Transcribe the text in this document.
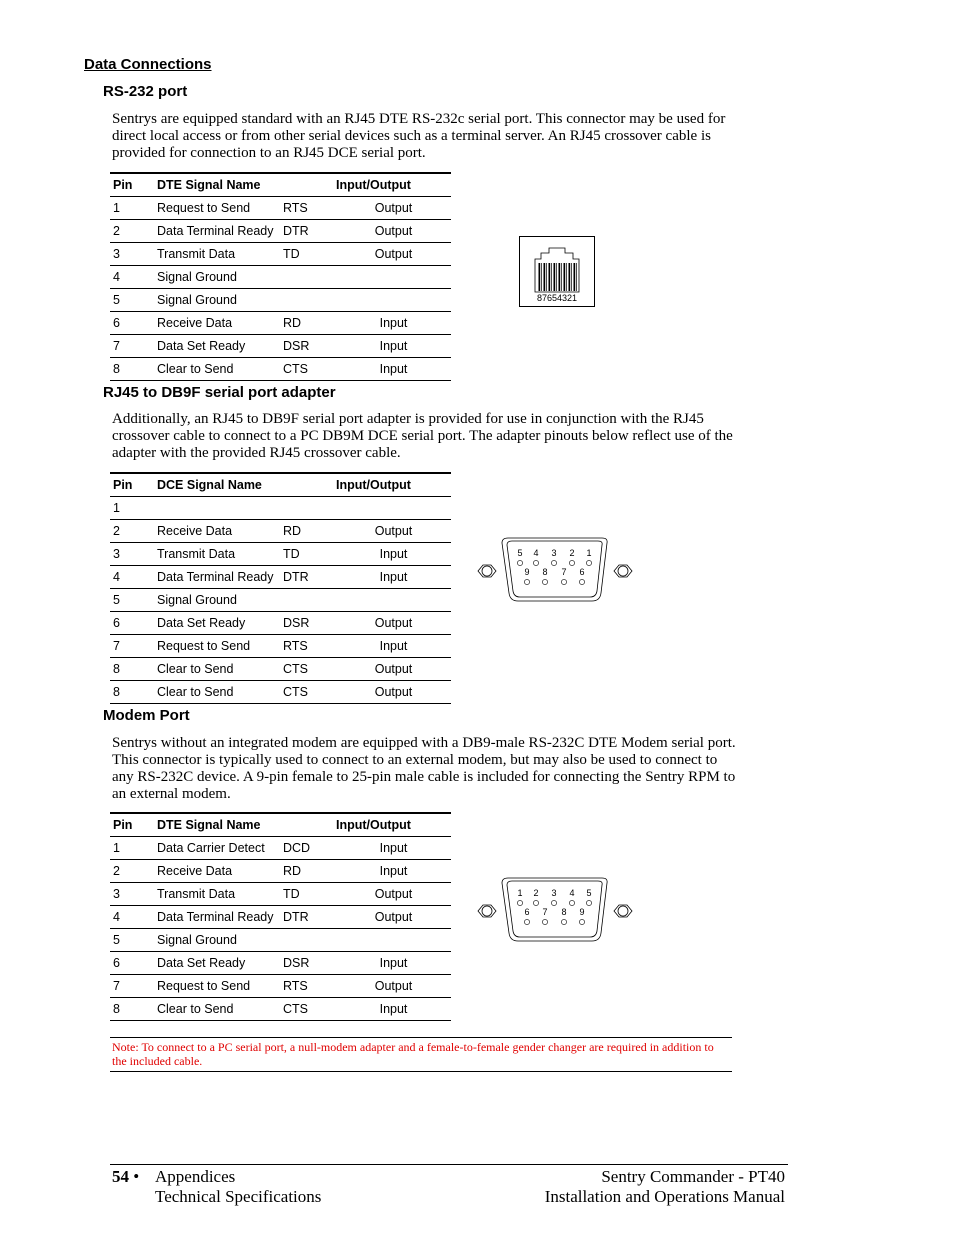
Data Connections
RS-232 port
Sentrys are equipped standard with an RJ45 DTE RS-232c serial port. This connector may be used for direct local access or from other serial devices such as a terminal server. An RJ45 crossover cable is provided for connection to an RJ45 DCE serial port.
Pin	DTE Signal Name		Input/Output
1	Request to Send	RTS	Output
2	Data Terminal Ready	DTR	Output
3	Transmit Data	TD	Output
4	Signal Ground		
5	Signal Ground		
6	Receive Data	RD	Input
7	Data Set Ready	DSR	Input
8	Clear to Send	CTS	Input
87654321
RJ45 to DB9F serial port adapter
Additionally, an RJ45 to DB9F serial port adapter is provided for use in conjunction with the RJ45 crossover cable to connect to a PC DB9M DCE serial port. The adapter pinouts below reflect use of the adapter with the provided RJ45 crossover cable.
Pin	DCE Signal Name		Input/Output
1			
2	Receive Data	RD	Output
3	Transmit Data	TD	Input
4	Data Terminal Ready	DTR	Input
5	Signal Ground		
6	Data Set Ready	DSR	Output
7	Request to Send	RTS	Input
8	Clear to Send	CTS	Output
8	Clear to Send	CTS	Output
5 4 3 2 1
9 8 7 6
Modem Port
Sentrys without an integrated modem are equipped with a DB9-male RS-232C DTE Modem serial port. This connector is typically used to connect to an external modem, but may also be used to connect to any RS-232C device. A 9-pin female to 25-pin male cable is included for connecting the Sentry RPM to an external modem.
Pin	DTE Signal Name		Input/Output
1	Data Carrier Detect	DCD	Input
2	Receive Data	RD	Input
3	Transmit Data	TD	Output
4	Data Terminal Ready	DTR	Output
5	Signal Ground		
6	Data Set Ready	DSR	Input
7	Request to Send	RTS	Output
8	Clear to Send	CTS	Input
1 2 3 4 5
6 7 8 9
Note: To connect to a PC serial port, a null-modem adapter and a female-to-female gender changer are required in addition to the included cable.
54 • Appendices
Technical Specifications
Sentry Commander - PT40
Installation and Operations Manual
